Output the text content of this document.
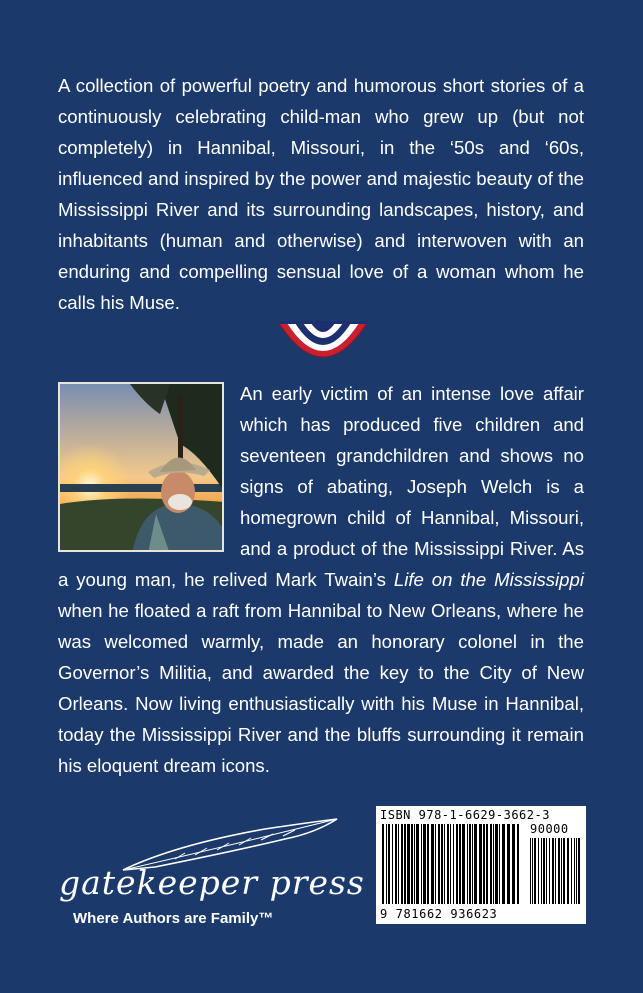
A collection of powerful poetry and humorous short stories of a continuously celebrating child-man who grew up (but not completely) in Hannibal, Missouri, in the ‘50s and ‘60s, influenced and inspired by the power and majestic beauty of the Mississippi River and its surrounding landscapes, history, and inhabitants (human and otherwise) and interwoven with an enduring and compelling sensual love of a woman whom he calls his Muse.

An early victim of an intense love affair which has produced five children and seventeen grandchildren and shows no signs of abating, Joseph Welch is a homegrown child of Hannibal, Missouri, and a product of the Mississippi River. As a young man, he relived Mark Twain’s Life on the Mississippi when he floated a raft from Hannibal to New Orleans, where he was welcomed warmly, made an honorary colonel in the Governor’s Militia, and awarded the key to the City of New Orleans. Now living enthusiastically with his Muse in Hannibal, today the Mississippi River and the bluffs surrounding it remain his eloquent dream icons.

gatekeeper press
Where Authors are Family™
ISBN 978-1-6629-3662-3
90000
9 781662 936623
